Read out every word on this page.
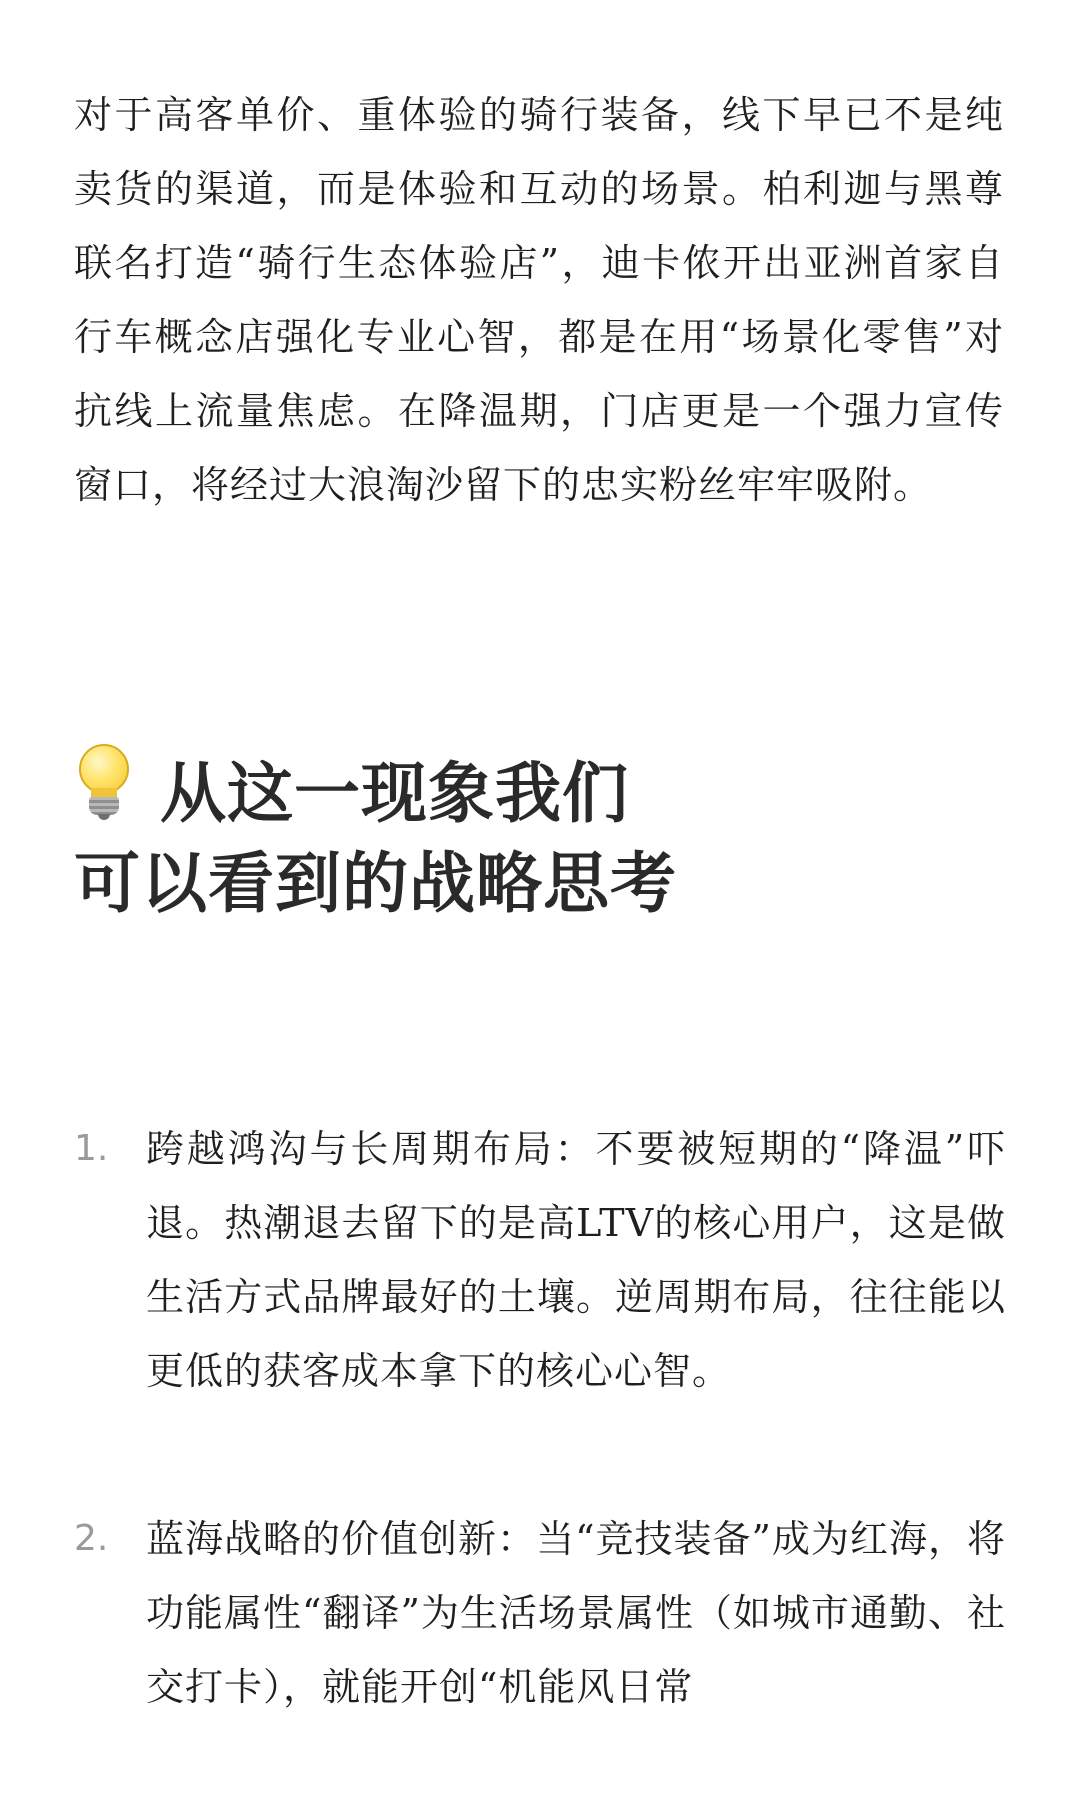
对于高客单价、重体验的骑行装备，线下早已不是纯卖货的渠道，而是体验和互动的场景。柏利迦与黑尊联名打造“骑行生态体验店”，迪卡侬开出亚洲首家自行车概念店强化专业心智，都是在用“场景化零售”对抗线上流量焦虑。在降温期，门店更是一个强力宣传窗口，将经过大浪淘沙留下的忠实粉丝牢牢吸附。

从这一现象我们
可以看到的战略思考
1. 跨越鸿沟与长周期布局：不要被短期的“降温”吓退。热潮退去留下的是高LTV的核心用户，这是做生活方式品牌最好的土壤。逆周期布局，往往能以更低的获客成本拿下的核心心智。

2. 蓝海战略的价值创新：当“竞技装备”成为红海，将功能属性“翻译”为生活场景属性（如城市通勤、社交打卡），就能开创“机能风日常
